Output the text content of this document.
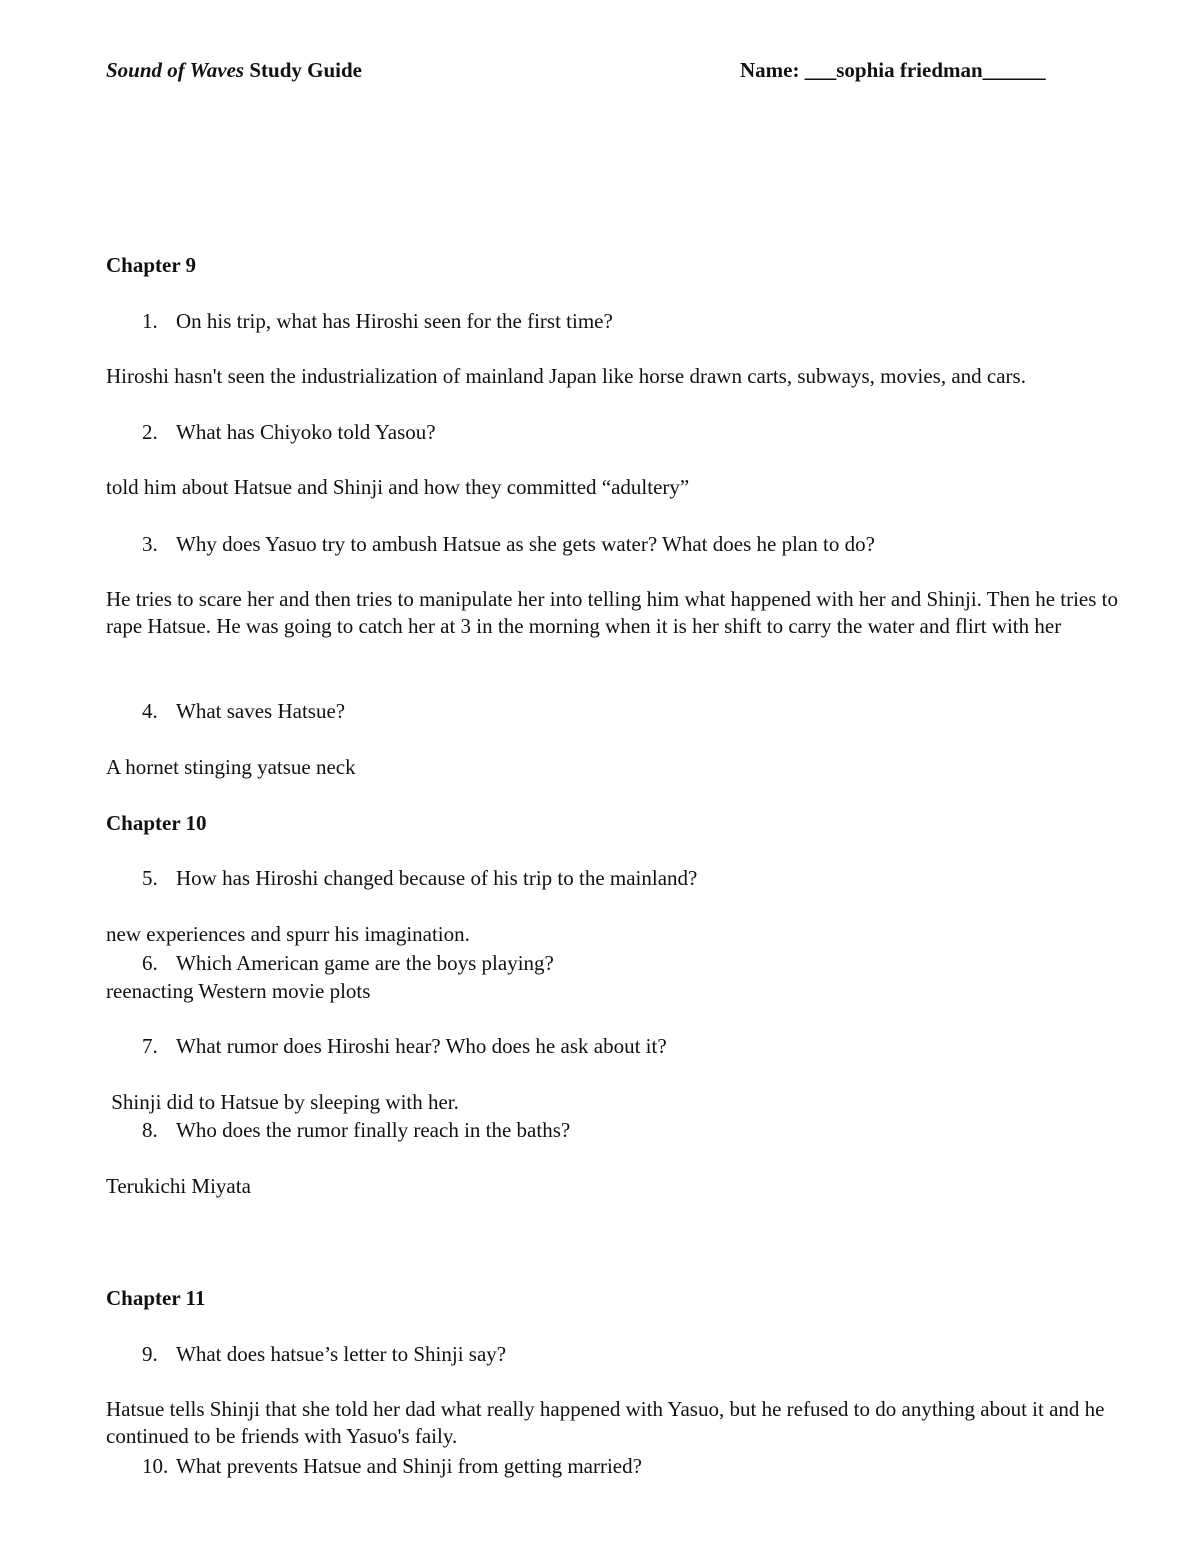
Sound of Waves Study Guide	Name: ___sophia friedman______
Chapter 9
1. On his trip, what has Hiroshi seen for the first time?
Hiroshi hasn't seen the industrialization of mainland Japan like horse drawn carts, subways, movies, and cars.
2. What has Chiyoko told Yasou?
told him about Hatsue and Shinji and how they committed “adultery”
3. Why does Yasuo try to ambush Hatsue as she gets water? What does he plan to do?
He tries to scare her and then tries to manipulate her into telling him what happened with her and Shinji. Then he tries to rape Hatsue. He was going to catch her at 3 in the morning when it is her shift to carry the water and flirt with her
4. What saves Hatsue?
A hornet stinging yatsue neck
Chapter 10
5. How has Hiroshi changed because of his trip to the mainland?
new experiences and spurr his imagination.
6. Which American game are the boys playing?
reenacting Western movie plots
7. What rumor does Hiroshi hear? Who does he ask about it?
Shinji did to Hatsue by sleeping with her.
8. Who does the rumor finally reach in the baths?
Terukichi Miyata
Chapter 11
9. What does hatsue’s letter to Shinji say?
Hatsue tells Shinji that she told her dad what really happened with Yasuo, but he refused to do anything about it and he continued to be friends with Yasuo's faily.
10. What prevents Hatsue and Shinji from getting married?
